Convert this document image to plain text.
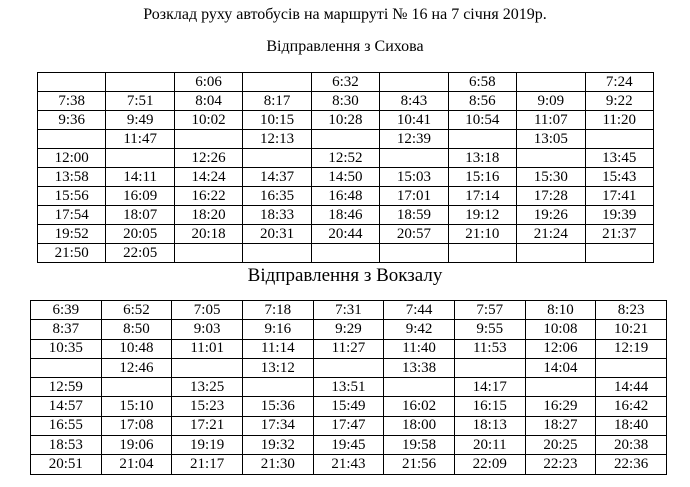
Розклад руху автобусів на маршруті № 16 на 7 січня 2019р.
Відправлення з Сихова
		6:06		6:32		6:58		7:24
7:38	7:51	8:04	8:17	8:30	8:43	8:56	9:09	9:22
9:36	9:49	10:02	10:15	10:28	10:41	10:54	11:07	11:20
	11:47		12:13		12:39		13:05	
12:00		12:26		12:52		13:18		13:45
13:58	14:11	14:24	14:37	14:50	15:03	15:16	15:30	15:43
15:56	16:09	16:22	16:35	16:48	17:01	17:14	17:28	17:41
17:54	18:07	18:20	18:33	18:46	18:59	19:12	19:26	19:39
19:52	20:05	20:18	20:31	20:44	20:57	21:10	21:24	21:37
21:50	22:05							
Відправлення з Вокзалу
6:39	6:52	7:05	7:18	7:31	7:44	7:57	8:10	8:23
8:37	8:50	9:03	9:16	9:29	9:42	9:55	10:08	10:21
10:35	10:48	11:01	11:14	11:27	11:40	11:53	12:06	12:19
	12:46		13:12		13:38		14:04	
12:59		13:25		13:51		14:17		14:44
14:57	15:10	15:23	15:36	15:49	16:02	16:15	16:29	16:42
16:55	17:08	17:21	17:34	17:47	18:00	18:13	18:27	18:40
18:53	19:06	19:19	19:32	19:45	19:58	20:11	20:25	20:38
20:51	21:04	21:17	21:30	21:43	21:56	22:09	22:23	22:36
